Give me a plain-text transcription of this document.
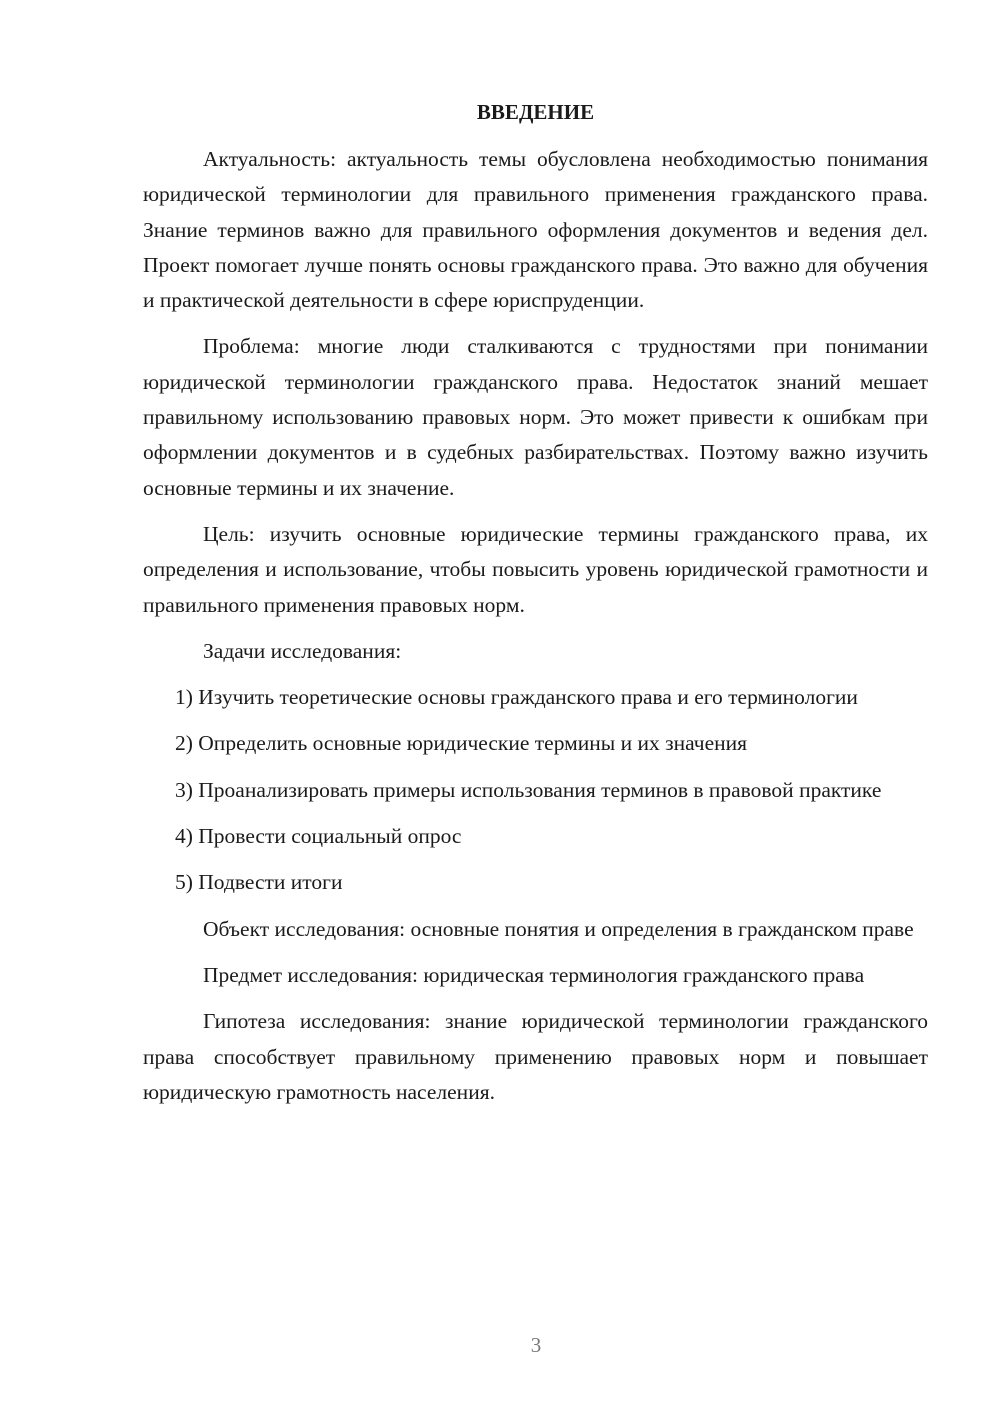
ВВЕДЕНИЕ

Актуальность: актуальность темы обусловлена необходимостью понимания юридической терминологии для правильного применения гражданского права. Знание терминов важно для правильного оформления документов и ведения дел. Проект помогает лучше понять основы гражданского права. Это важно для обучения и практической деятельности в сфере юриспруденции.

Проблема: многие люди сталкиваются с трудностями при понимании юридической терминологии гражданского права. Недостаток знаний мешает правильному использованию правовых норм. Это может привести к ошибкам при оформлении документов и в судебных разбирательствах. Поэтому важно изучить основные термины и их значение.

Цель: изучить основные юридические термины гражданского права, их определения и использование, чтобы повысить уровень юридической грамотности и правильного применения правовых норм.

Задачи исследования:

1) Изучить теоретические основы гражданского права и его терминологии

2) Определить основные юридические термины и их значения

3) Проанализировать примеры использования терминов в правовой практике

4) Провести социальный опрос

5) Подвести итоги

Объект исследования: основные понятия и определения в гражданском праве

Предмет исследования: юридическая терминология гражданского права

Гипотеза исследования: знание юридической терминологии гражданского права способствует правильному применению правовых норм и повышает юридическую грамотность населения.

3
